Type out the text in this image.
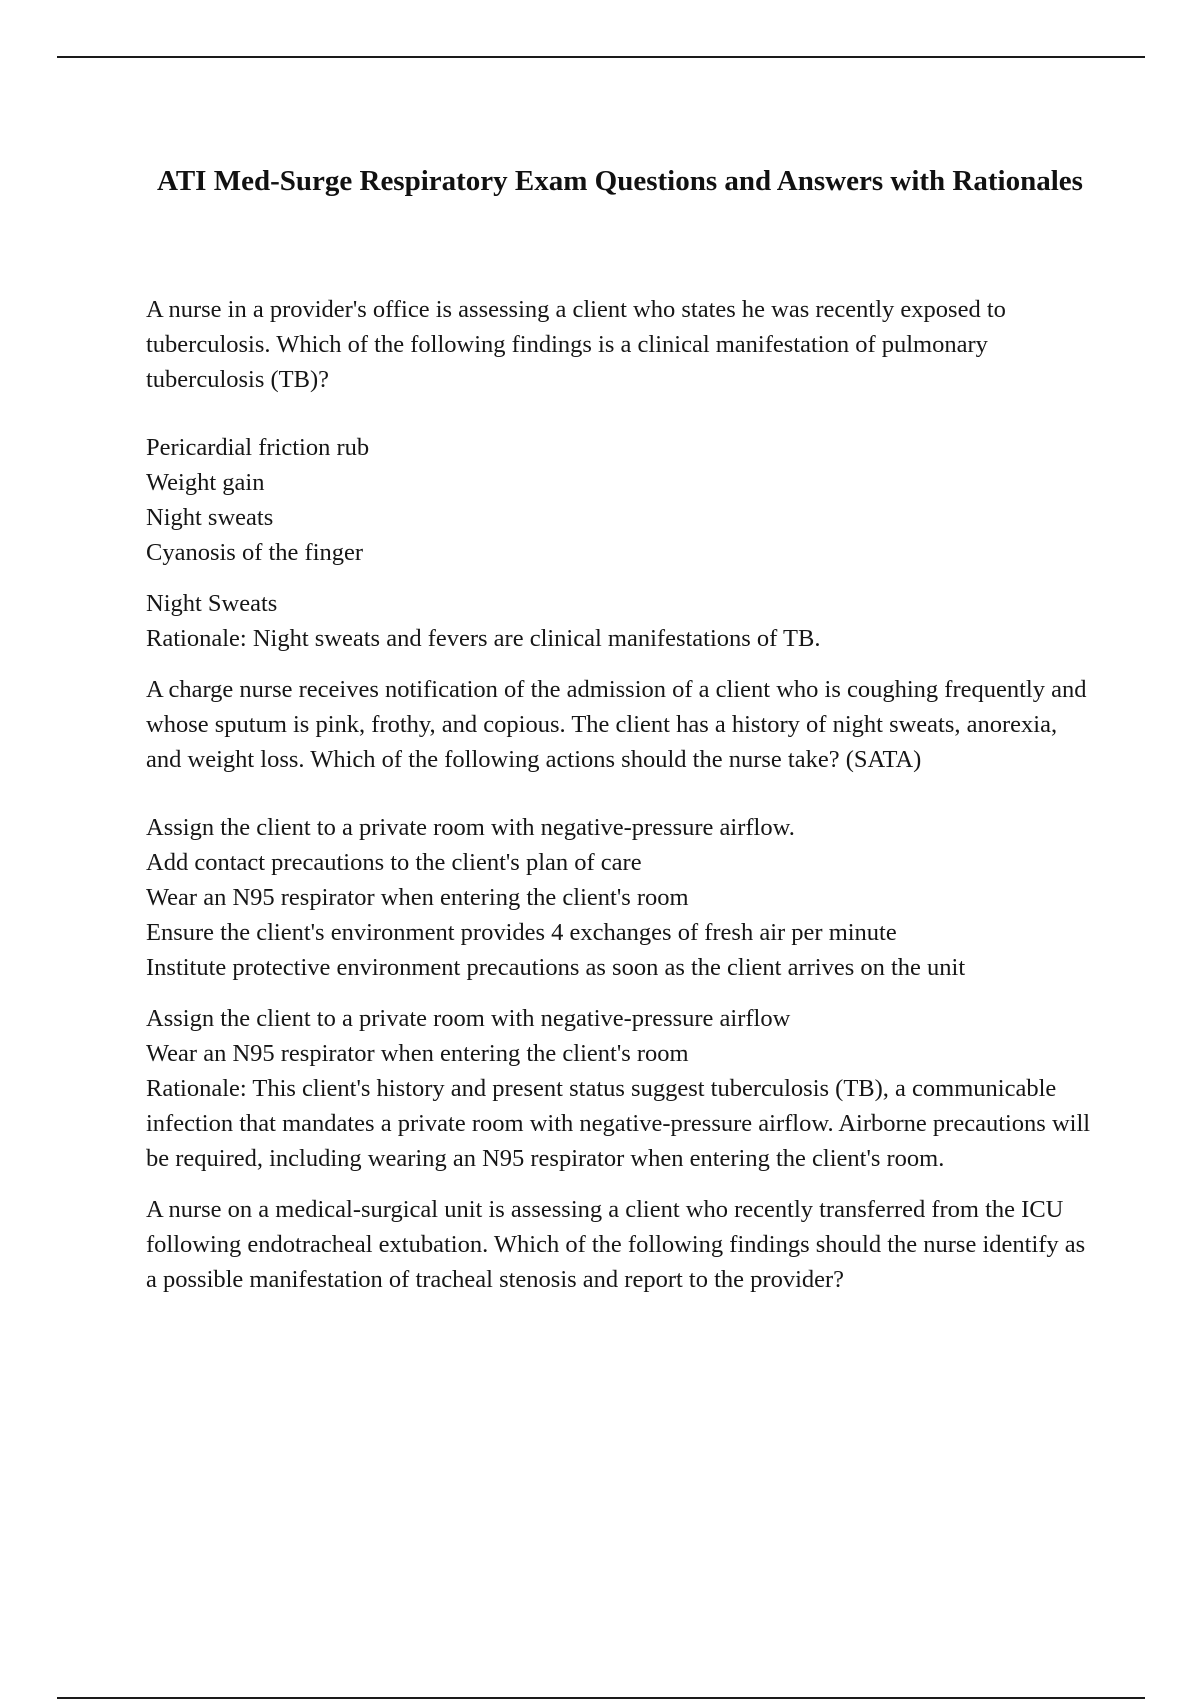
ATI Med-Surge Respiratory Exam Questions and Answers with Rationales

A nurse in a provider's office is assessing a client who states he was recently exposed to tuberculosis. Which of the following findings is a clinical manifestation of pulmonary tuberculosis (TB)?

Pericardial friction rub
Weight gain
Night sweats
Cyanosis of the finger
Night Sweats
Rationale: Night sweats and fevers are clinical manifestations of TB.

A charge nurse receives notification of the admission of a client who is coughing frequently and whose sputum is pink, frothy, and copious. The client has a history of night sweats, anorexia, and weight loss. Which of the following actions should the nurse take? (SATA)

Assign the client to a private room with negative-pressure airflow.
Add contact precautions to the client's plan of care
Wear an N95 respirator when entering the client's room
Ensure the client's environment provides 4 exchanges of fresh air per minute
Institute protective environment precautions as soon as the client arrives on the unit
Assign the client to a private room with negative-pressure airflow
Wear an N95 respirator when entering the client's room
Rationale: This client's history and present status suggest tuberculosis (TB), a communicable infection that mandates a private room with negative-pressure airflow. Airborne precautions will be required, including wearing an N95 respirator when entering the client's room.

A nurse on a medical-surgical unit is assessing a client who recently transferred from the ICU following endotracheal extubation. Which of the following findings should the nurse identify as a possible manifestation of tracheal stenosis and report to the provider?
